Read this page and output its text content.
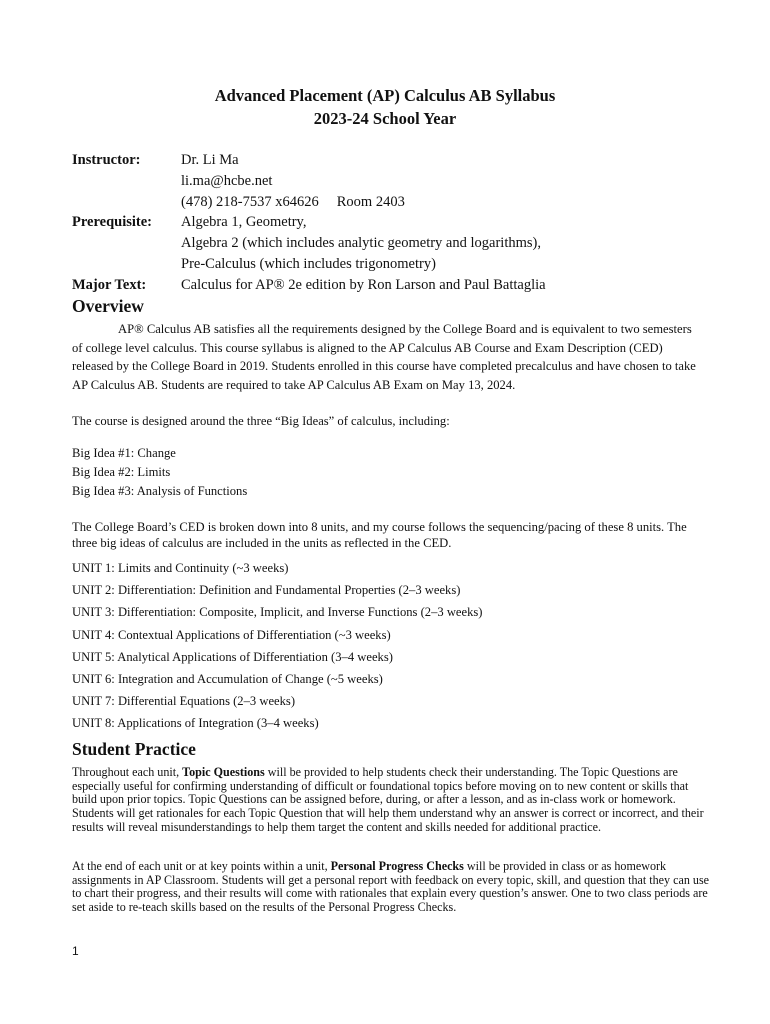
Advanced Placement (AP) Calculus AB Syllabus
2023-24 School Year
Instructor:	Dr. Li Ma
li.ma@hcbe.net
(478) 218-7537 x64626 Room 2403
Prerequisite: Algebra 1, Geometry,
Algebra 2 (which includes analytic geometry and logarithms),
Pre-Calculus (which includes trigonometry)
Major Text: Calculus for AP® 2e edition by Ron Larson and Paul Battaglia
Overview
AP® Calculus AB satisfies all the requirements designed by the College Board and is equivalent to two semesters of college level calculus. This course syllabus is aligned to the AP Calculus AB Course and Exam Description (CED) released by the College Board in 2019. Students enrolled in this course have completed precalculus and have chosen to take AP Calculus AB. Students are required to take AP Calculus AB Exam on May 13, 2024.
The course is designed around the three “Big Ideas” of calculus, including:
Big Idea #1: Change
Big Idea #2: Limits
Big Idea #3: Analysis of Functions
The College Board’s CED is broken down into 8 units, and my course follows the sequencing/pacing of these 8 units. The three big ideas of calculus are included in the units as reflected in the CED.
UNIT 1: Limits and Continuity (~3 weeks)
UNIT 2: Differentiation: Definition and Fundamental Properties (2–3 weeks)
UNIT 3: Differentiation: Composite, Implicit, and Inverse Functions (2–3 weeks)
UNIT 4: Contextual Applications of Differentiation (~3 weeks)
UNIT 5: Analytical Applications of Differentiation (3–4 weeks)
UNIT 6: Integration and Accumulation of Change (~5 weeks)
UNIT 7: Differential Equations (2–3 weeks)
UNIT 8: Applications of Integration (3–4 weeks)
Student Practice
Throughout each unit, Topic Questions will be provided to help students check their understanding. The Topic Questions are especially useful for confirming understanding of difficult or foundational topics before moving on to new content or skills that build upon prior topics. Topic Questions can be assigned before, during, or after a lesson, and as in-class work or homework. Students will get rationales for each Topic Question that will help them understand why an answer is correct or incorrect, and their results will reveal misunderstandings to help them target the content and skills needed for additional practice.
At the end of each unit or at key points within a unit, Personal Progress Checks will be provided in class or as homework assignments in AP Classroom. Students will get a personal report with feedback on every topic, skill, and question that they can use to chart their progress, and their results will come with rationales that explain every question’s answer. One to two class periods are set aside to re-teach skills based on the results of the Personal Progress Checks.
1
